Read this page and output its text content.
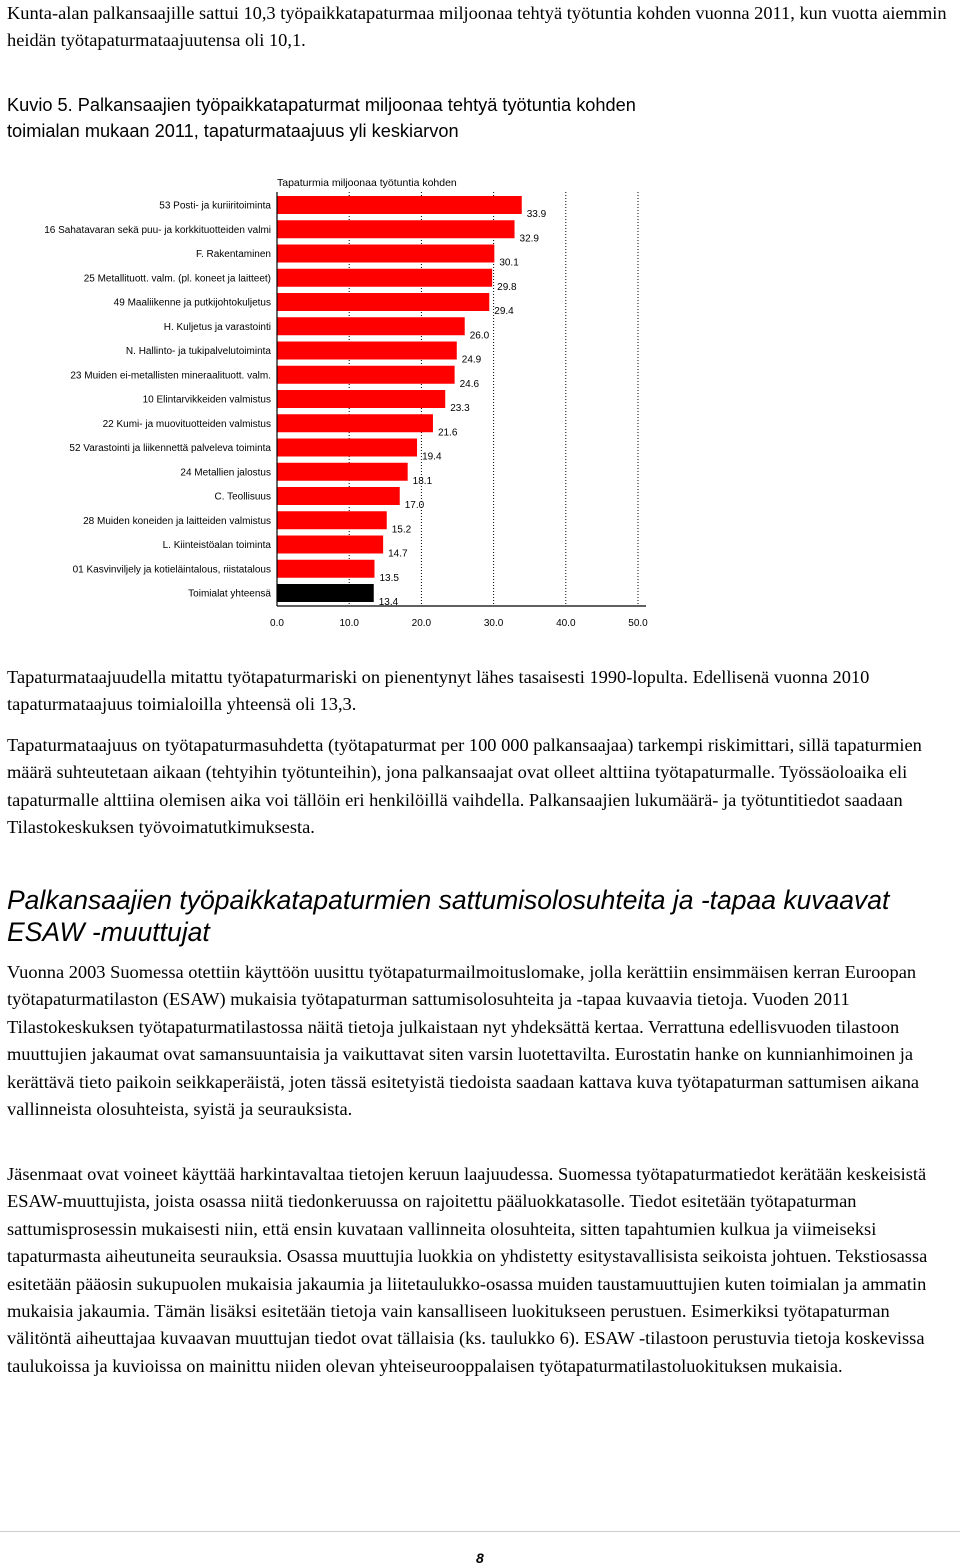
Kunta-alan palkansaajille sattui 10,3 työpaikkatapaturmaa miljoonaa tehtyä työtuntia kohden vuonna 2011, kun vuotta aiemmin heidän työtapaturmataajuutensa oli 10,1.

Kuvio 5. Palkansaajien työpaikkatapaturmat miljoonaa tehtyä työtuntia kohden toimialan mukaan 2011, tapaturmataajuus yli keskiarvon
Tapaturmia miljoonaa työtuntia kohden
0.0	10.0	20.0	30.0	40.0	50.0
53 Posti- ja kuriiritoiminta
33.9
16 Sahatavaran sekä puu- ja korkkituotteiden valmi
32.9
F. Rakentaminen
30.1
25 Metallituott. valm. (pl. koneet ja laitteet)
29.8
49 Maaliikenne ja putkijohtokuljetus
29.4
H. Kuljetus ja varastointi
26.0
N. Hallinto- ja tukipalvelutoiminta
24.9
23 Muiden ei-metallisten mineraalituott. valm.
24.6
10 Elintarvikkeiden valmistus
23.3
22 Kumi- ja muovituotteiden valmistus
21.6
52 Varastointi ja liikennettä palveleva toiminta
19.4
24 Metallien jalostus
18.1
C. Teollisuus
17.0
28 Muiden koneiden ja laitteiden valmistus
15.2
L. Kiinteistöalan toiminta
14.7
01 Kasvinviljely ja kotieläintalous, riistatalous
13.5
Toimialat yhteensä
13.4

Tapaturmataajuudella mitattu työtapaturmariski on pienentynyt lähes tasaisesti 1990-lopulta. Edellisenä vuonna 2010 tapaturmataajuus toimialoilla yhteensä oli 13,3.

Tapaturmataajuus on työtapaturmasuhdetta (työtapaturmat per 100 000 palkansaajaa) tarkempi riskimittari, sillä tapaturmien määrä suhteutetaan aikaan (tehtyihin työtunteihin), jona palkansaajat ovat olleet alttiina työtapaturmalle. Työssäoloaika eli tapaturmalle alttiina olemisen aika voi tällöin eri henkilöillä vaihdella. Palkansaajien lukumäärä- ja työtuntitiedot saadaan Tilastokeskuksen työvoimatutkimuksesta.

Palkansaajien työpaikkatapaturmien sattumisolosuhteita ja -tapaa kuvaavat ESAW -muuttujat

Vuonna 2003 Suomessa otettiin käyttöön uusittu työtapaturmailmoituslomake, jolla kerättiin ensimmäisen kerran Euroopan työtapaturmatilaston (ESAW) mukaisia työtapaturman sattumisolosuhteita ja -tapaa kuvaavia tietoja. Vuoden 2011 Tilastokeskuksen työtapaturmatilastossa näitä tietoja julkaistaan nyt yhdeksättä kertaa. Verrattuna edellisvuoden tilastoon muuttujien jakaumat ovat samansuuntaisia ja vaikuttavat siten varsin luotettavilta. Eurostatin hanke on kunnianhimoinen ja kerättävä tieto paikoin seikkaperäistä, joten tässä esitetyistä tiedoista saadaan kattava kuva työtapaturman sattumisen aikana vallinneista olosuhteista, syistä ja seurauksista.

Jäsenmaat ovat voineet käyttää harkintavaltaa tietojen keruun laajuudessa. Suomessa työtapaturmatiedot kerätään keskeisistä ESAW-muuttujista, joista osassa niitä tiedonkeruussa on rajoitettu pääluokkatasolle. Tiedot esitetään työtapaturman sattumisprosessin mukaisesti niin, että ensin kuvataan vallinneita olosuhteita, sitten tapahtumien kulkua ja viimeiseksi tapaturmasta aiheutuneita seurauksia. Osassa muuttujia luokkia on yhdistetty esitystavallisista seikoista johtuen. Tekstiosassa esitetään pääosin sukupuolen mukaisia jakaumia ja liitetaulukko-osassa muiden taustamuuttujien kuten toimialan ja ammatin mukaisia jakaumia. Tämän lisäksi esitetään tietoja vain kansalliseen luokitukseen perustuen. Esimerkiksi työtapaturman välitöntä aiheuttajaa kuvaavan muuttujan tiedot ovat tällaisia (ks. taulukko 6). ESAW -tilastoon perustuvia tietoja koskevissa taulukoissa ja kuvioissa on mainittu niiden olevan yhteiseurooppalaisen työtapaturmatilastoluokituksen mukaisia.

8
